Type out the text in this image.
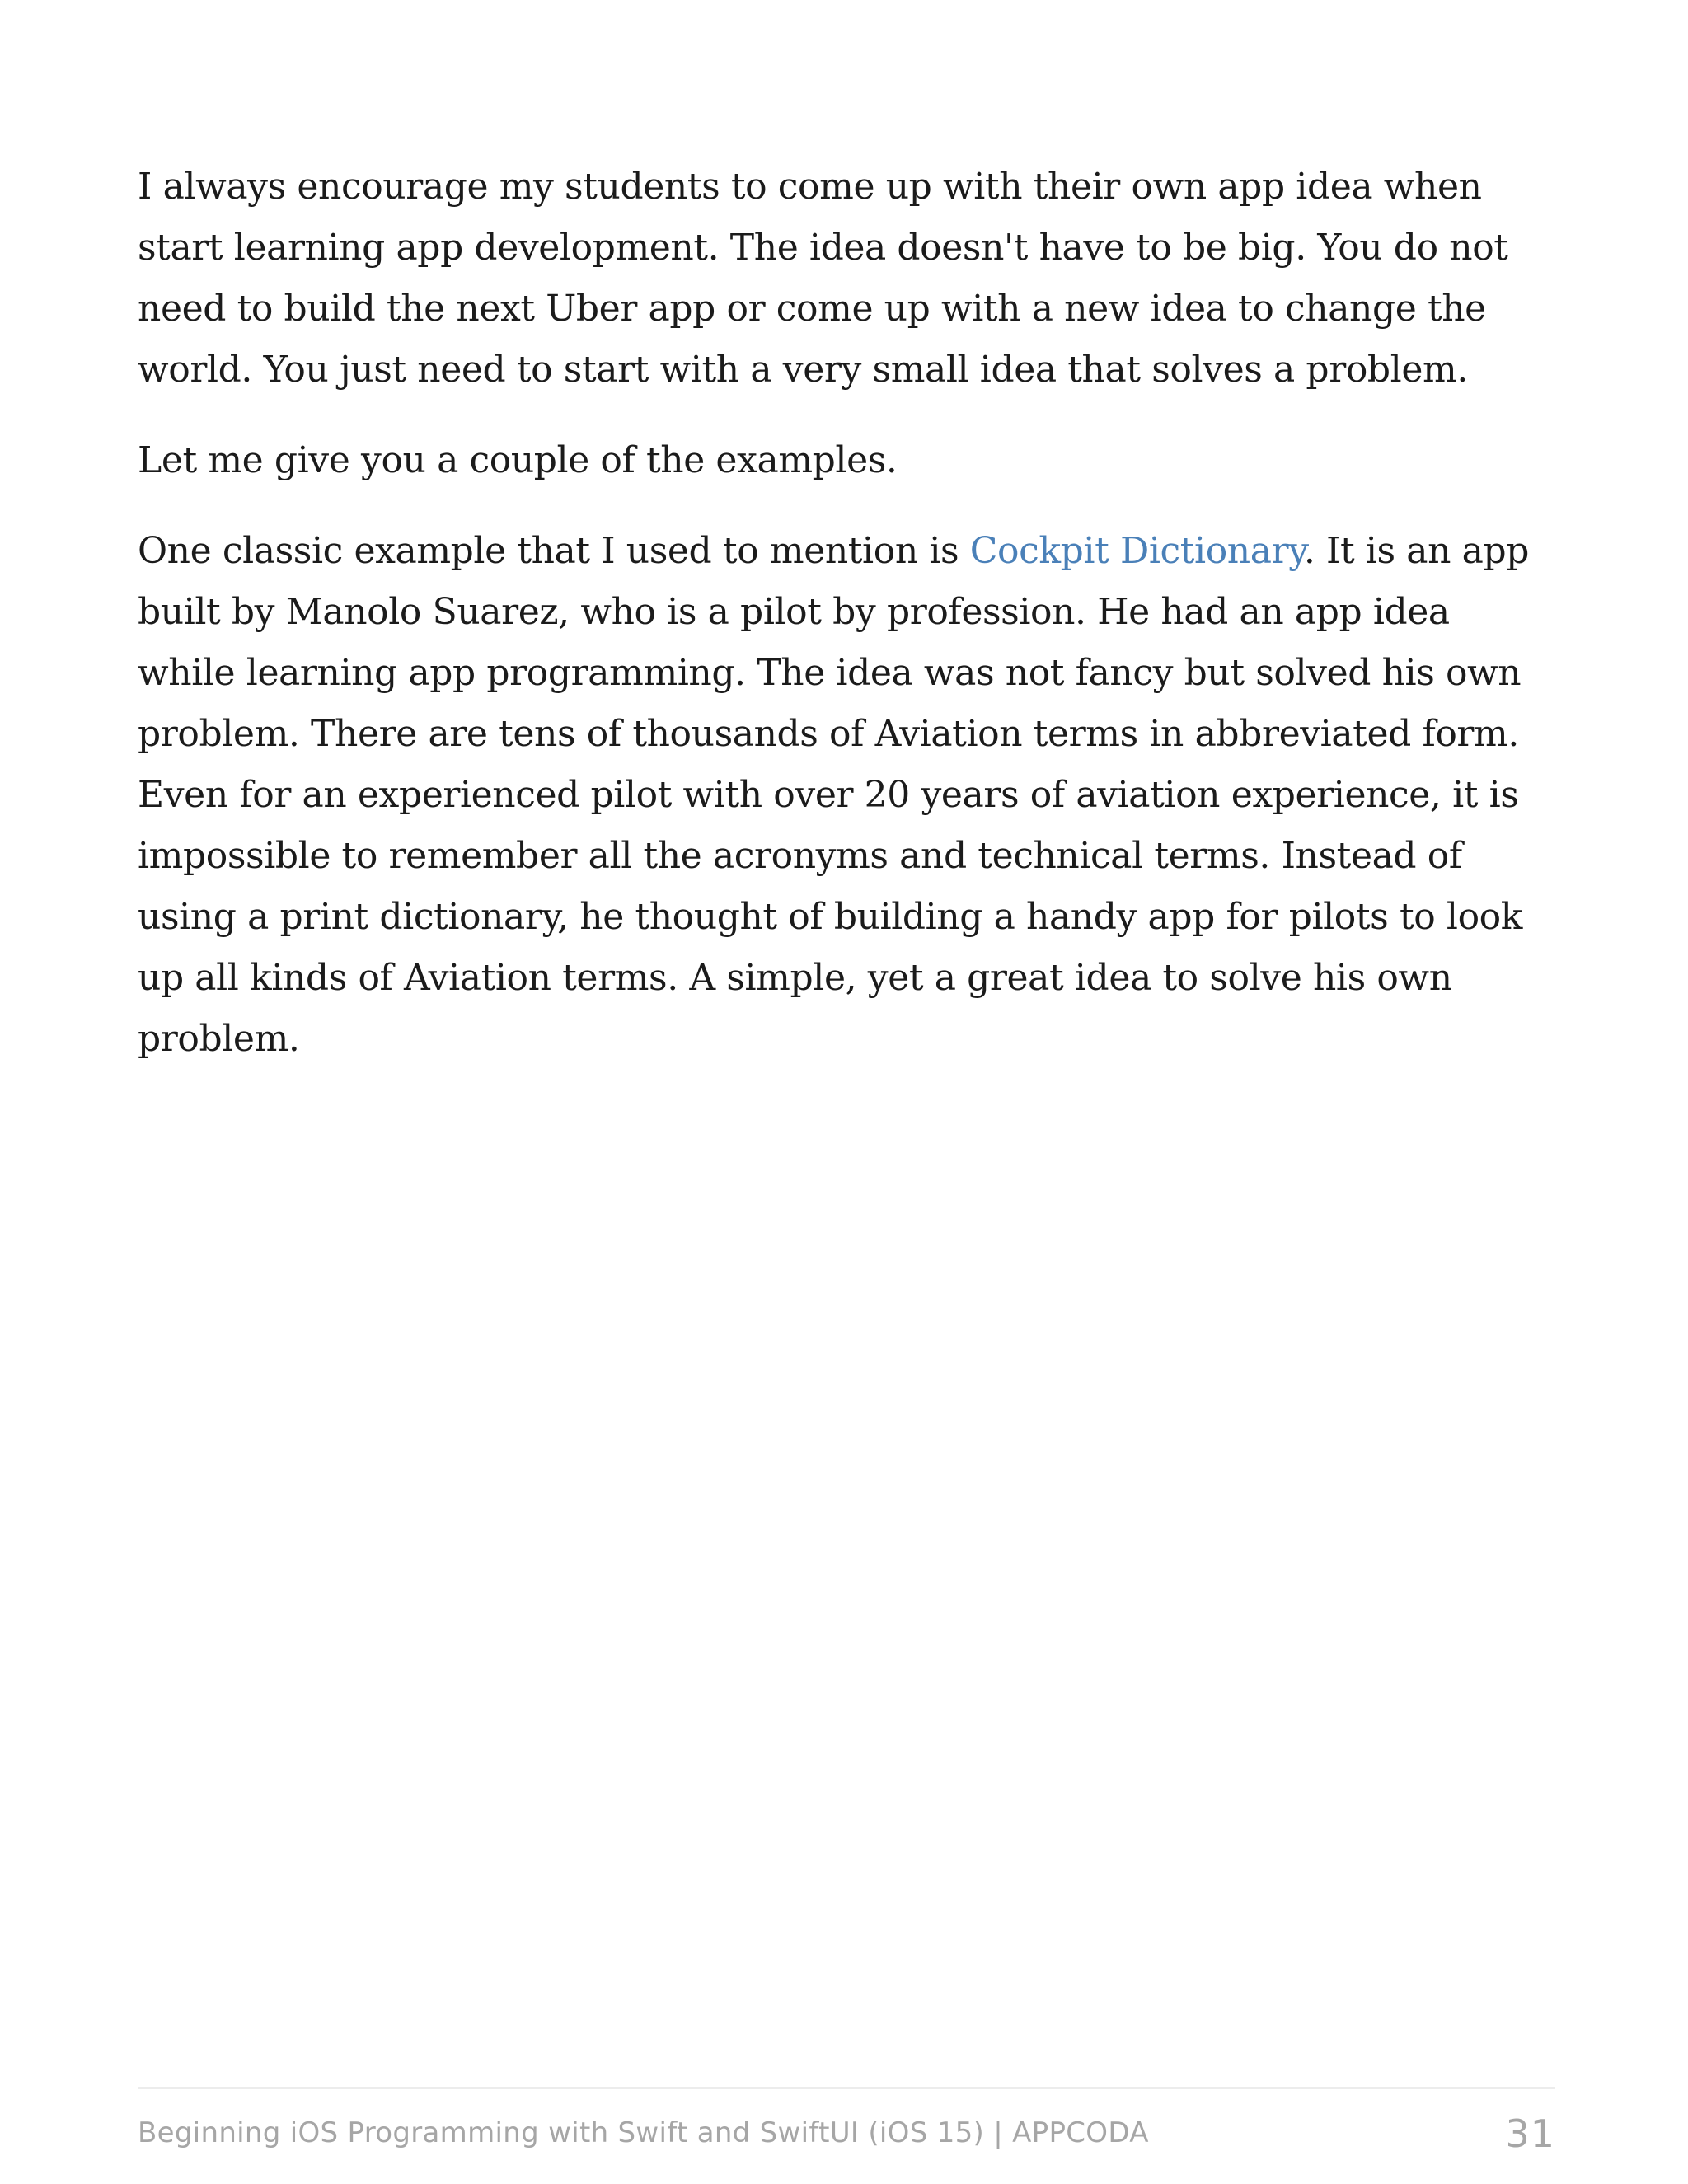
I always encourage my students to come up with their own app idea when start learning app development. The idea doesn't have to be big. You do not need to build the next Uber app or come up with a new idea to change the world. You just need to start with a very small idea that solves a problem.

Let me give you a couple of the examples.

One classic example that I used to mention is Cockpit Dictionary. It is an app built by Manolo Suarez, who is a pilot by profession. He had an app idea while learning app programming. The idea was not fancy but solved his own problem. There are tens of thousands of Aviation terms in abbreviated form. Even for an experienced pilot with over 20 years of aviation experience, it is impossible to remember all the acronyms and technical terms. Instead of using a print dictionary, he thought of building a handy app for pilots to look up all kinds of Aviation terms. A simple, yet a great idea to solve his own problem.

Beginning iOS Programming with Swift and SwiftUI (iOS 15) | APPCODA	31
